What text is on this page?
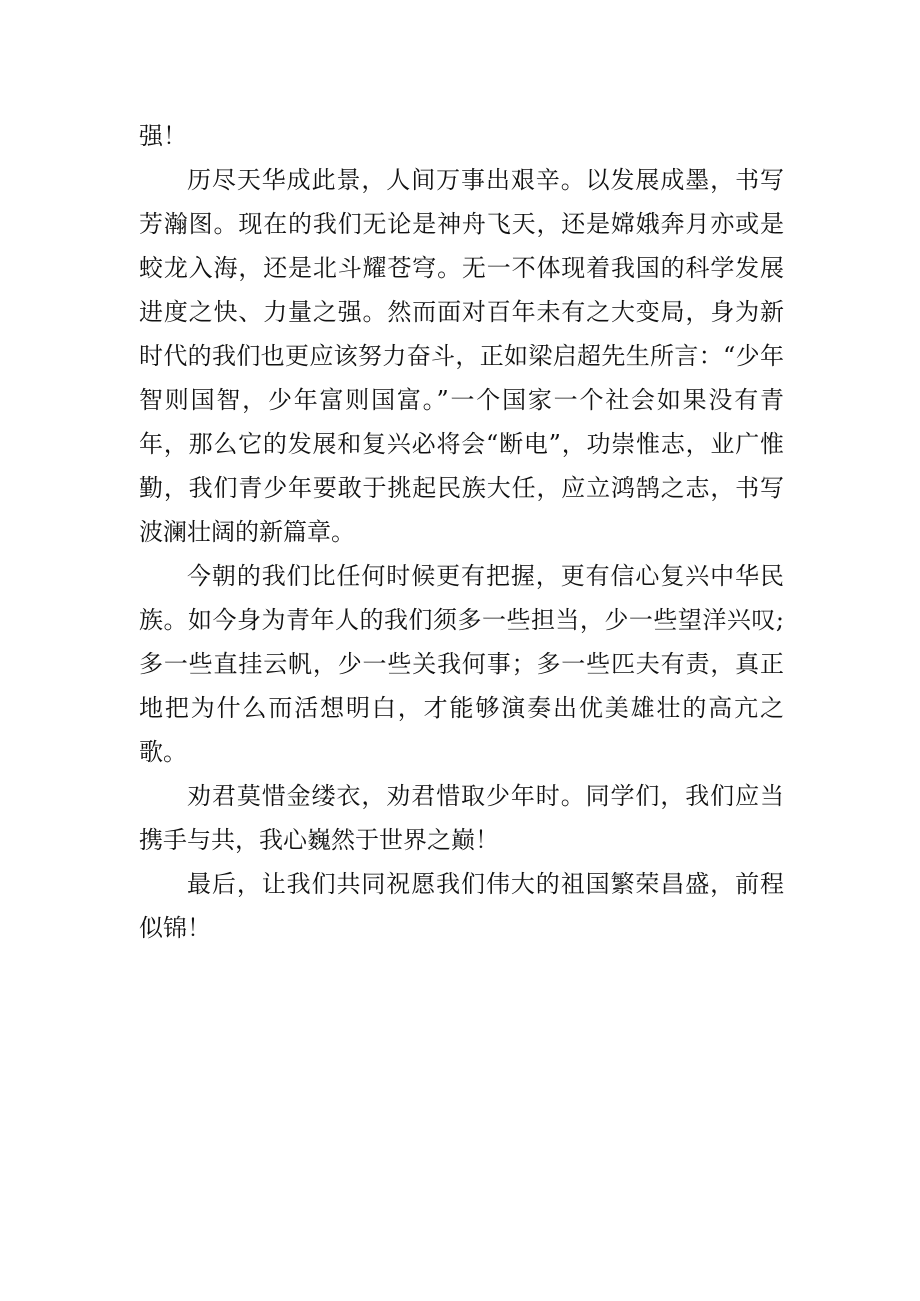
强！

历尽天华成此景，人间万事出艰辛。以发展成墨，书写芳瀚图。现在的我们无论是神舟飞天，还是嫦娥奔月亦或是蛟龙入海，还是北斗耀苍穹。无一不体现着我国的科学发展进度之快、力量之强。然而面对百年未有之大变局，身为新时代的我们也更应该努力奋斗，正如梁启超先生所言：“少年智则国智，少年富则国富。”一个国家一个社会如果没有青年，那么它的发展和复兴必将会“断电”，功崇惟志，业广惟勤，我们青少年要敢于挑起民族大任，应立鸿鹄之志，书写波澜壮阔的新篇章。

今朝的我们比任何时候更有把握，更有信心复兴中华民族。如今身为青年人的我们须多一些担当，少一些望洋兴叹;多一些直挂云帆，少一些关我何事；多一些匹夫有责，真正地把为什么而活想明白，才能够演奏出优美雄壮的高亢之歌。

劝君莫惜金缕衣，劝君惜取少年时。同学们，我们应当携手与共，我心巍然于世界之巅！

最后，让我们共同祝愿我们伟大的祖国繁荣昌盛，前程似锦！
